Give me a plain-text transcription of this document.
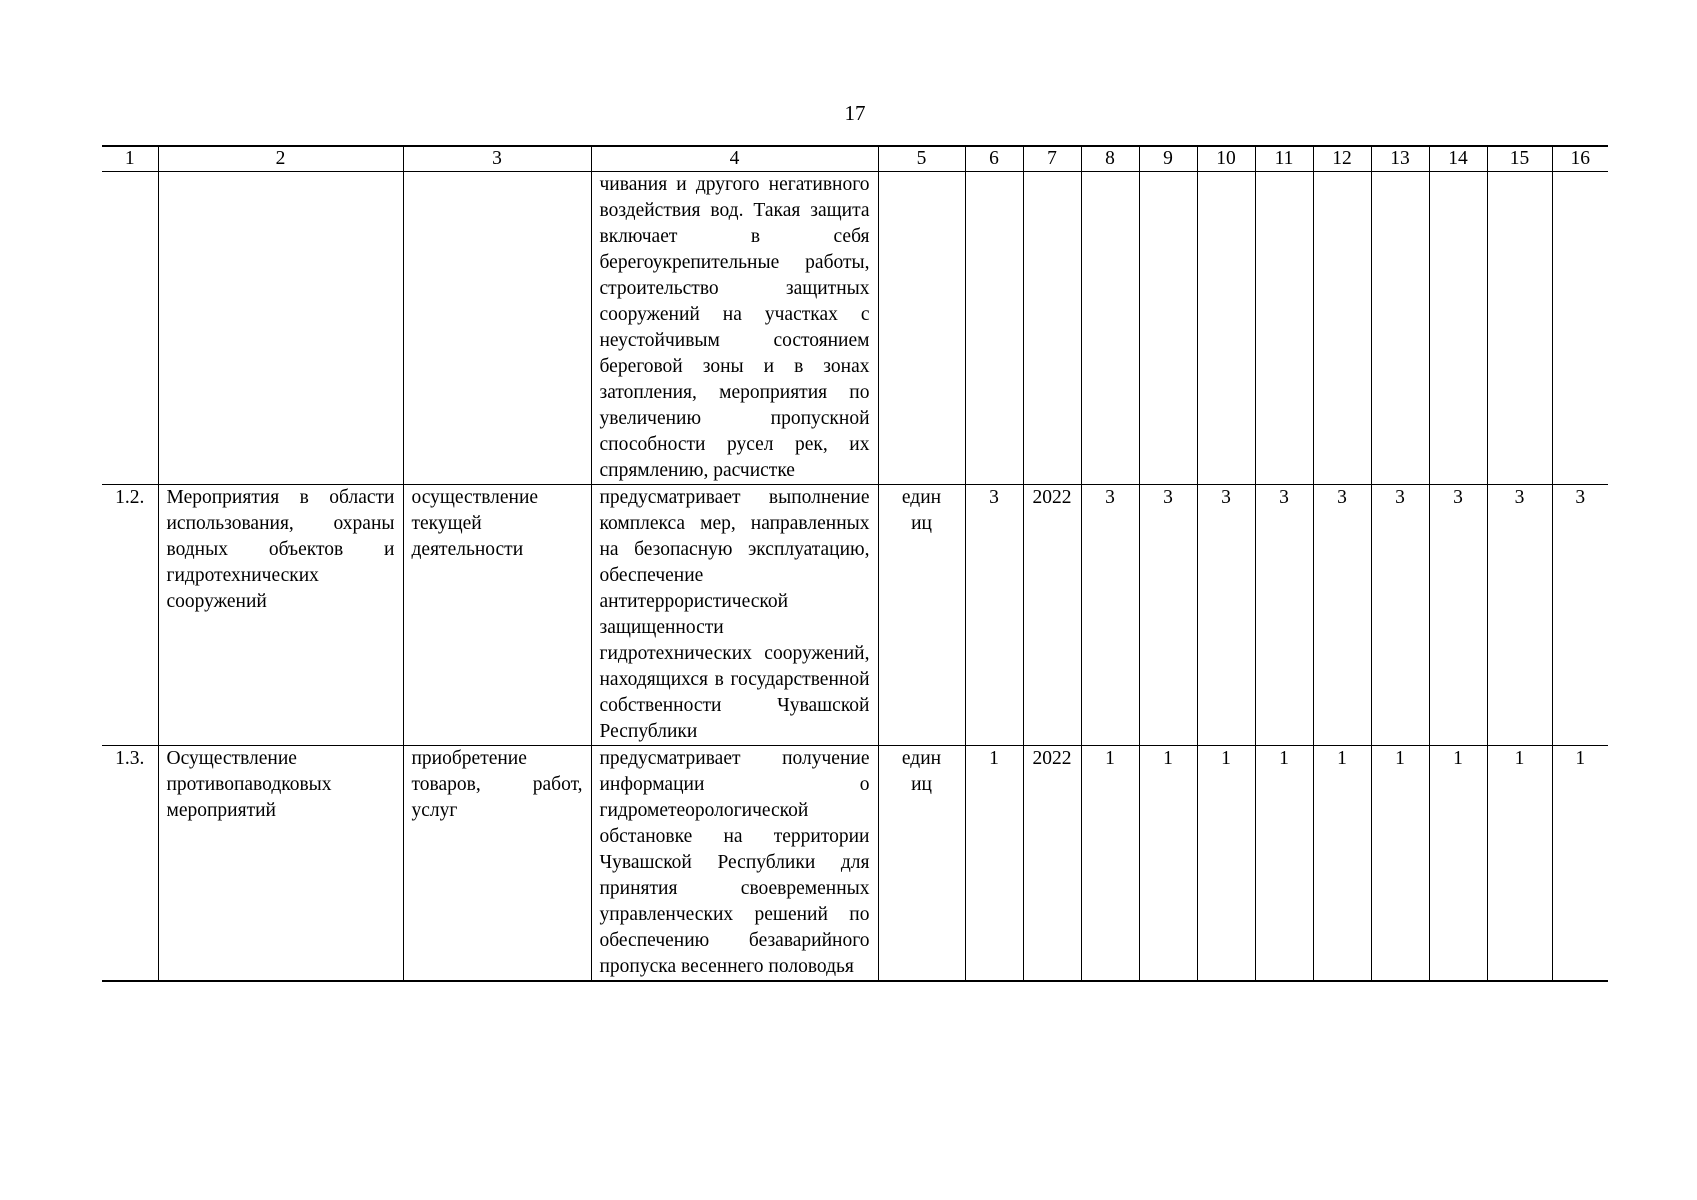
17
1	2	3	4	5	6	7	8	9	10	11	12	13	14	15	16
			чивания и другого негативного воздействия вод. Такая защита включает в себя берегоукрепительные работы, строительство защитных сооружений на участках с неустойчивым состоянием береговой зоны и в зонах затопления, мероприятия по увеличению пропускной способности русел рек, их спрямлению, расчистке												
1.2.	Мероприятия в области использования, охраны водных объектов и гидротехнических сооружений	осуществление текущей деятельности	предусматривает выполнение комплекса мер, направленных на безопасную эксплуатацию, обеспечение антитеррористической защищенности гидротехнических сооружений, находящихся в государственной собственности Чувашской Республики	единиц	3	2022	3	3	3	3	3	3	3	3	3
1.3.	Осуществление противопаводковых мероприятий	приобретение товаров, работ, услуг	предусматривает получение информации о гидрометеорологической обстановке на территории Чувашской Республики для принятия своевременных управленческих решений по обеспечению безаварийного пропуска весеннего половодья	единиц	1	2022	1	1	1	1	1	1	1	1	1
